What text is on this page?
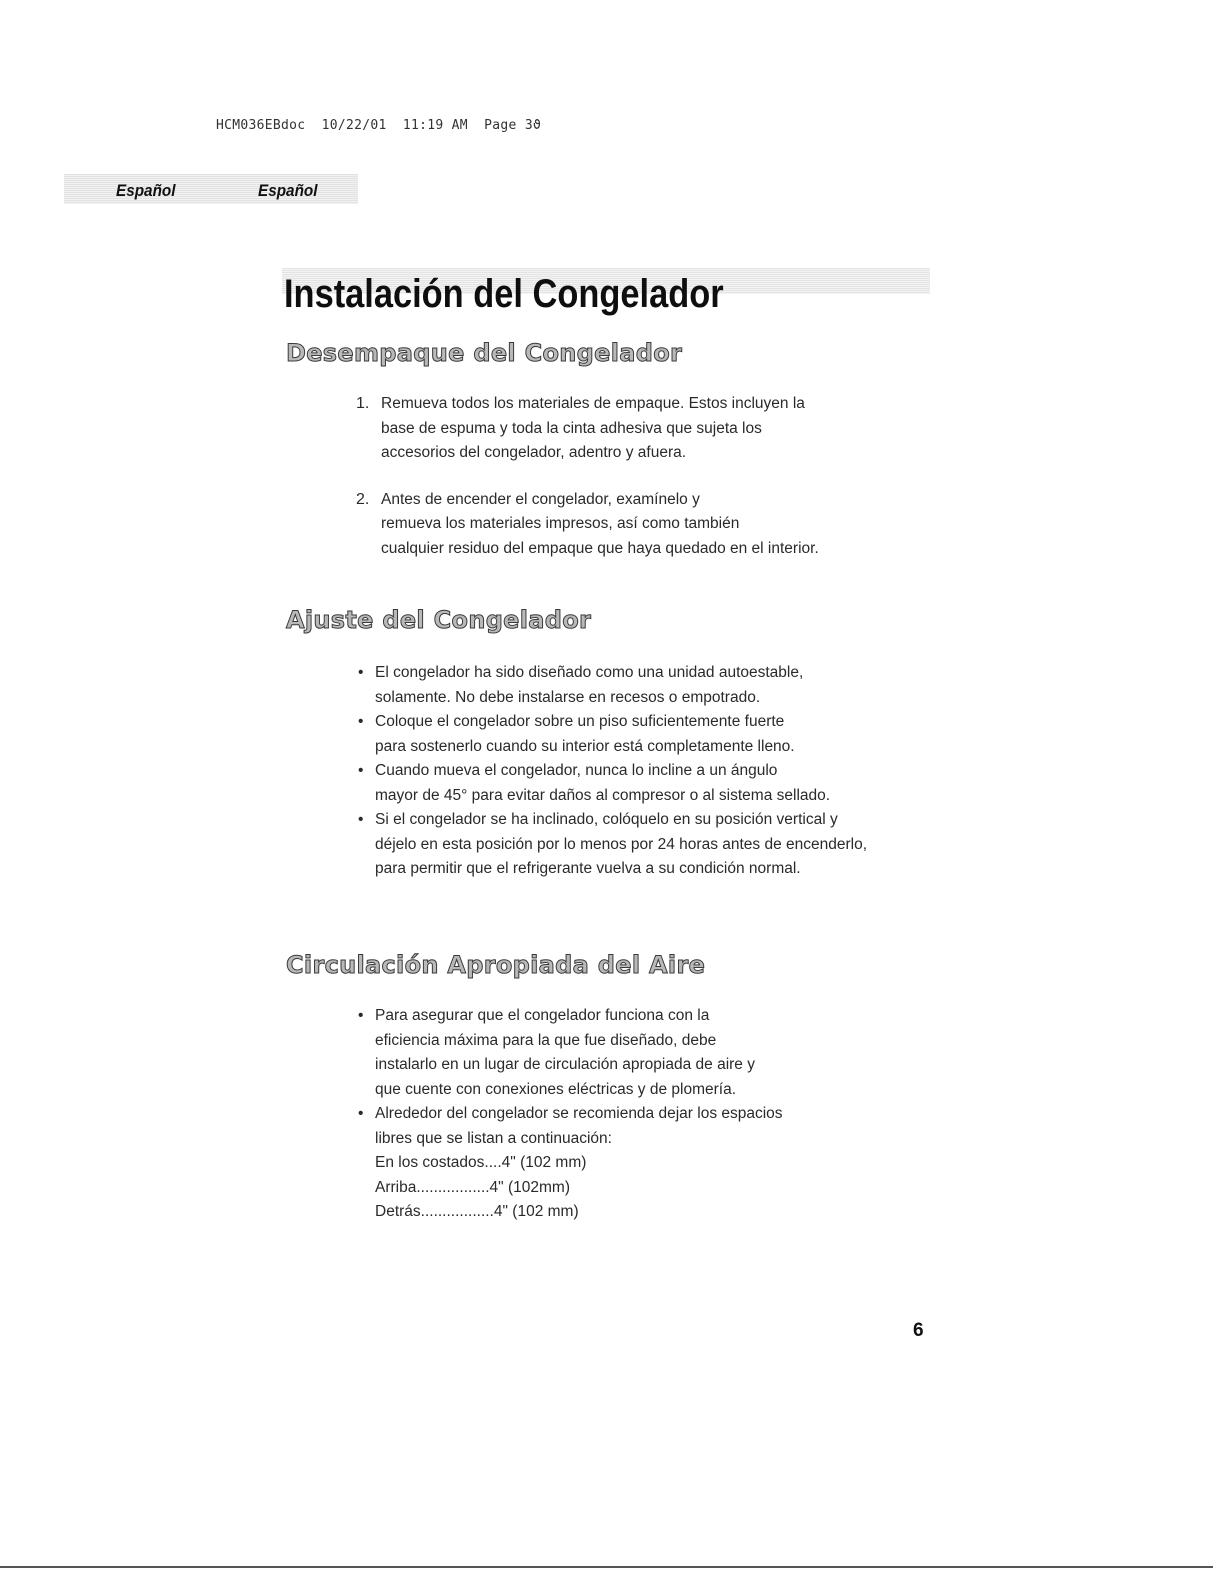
HCM036EBdoc  10/22/01  11:19 AM  Page 3ϑ
Español	Español
Instalación del Congelador
Desempaque del Congelador
1. Remueva todos los materiales de empaque. Estos incluyen la
base de espuma y toda la cinta adhesiva que sujeta los
accesorios del congelador, adentro y afuera.
2. Antes de encender el congelador, examínelo y
remueva los materiales impresos, así como también
cualquier residuo del empaque que haya quedado en el interior.
Ajuste del Congelador
• El congelador ha sido diseñado como una unidad autoestable,
solamente. No debe instalarse en recesos o empotrado.
• Coloque el congelador sobre un piso suficientemente fuerte
para sostenerlo cuando su interior está completamente lleno.
• Cuando mueva el congelador, nunca lo incline a un ángulo
mayor de 45° para evitar daños al compresor o al sistema sellado.
• Si el congelador se ha inclinado, colóquelo en su posición vertical y
déjelo en esta posición por lo menos por 24 horas antes de encenderlo,
para permitir que el refrigerante vuelva a su condición normal.
Circulación Apropiada del Aire
• Para asegurar que el congelador funciona con la
eficiencia máxima para la que fue diseñado, debe
instalarlo en un lugar de circulación apropiada de aire y
que cuente con conexiones eléctricas y de plomería.
• Alrededor del congelador se recomienda dejar los espacios
libres que se listan a continuación:
En los costados....4" (102 mm)
Arriba.................4" (102mm)
Detrás.................4" (102 mm)
6
